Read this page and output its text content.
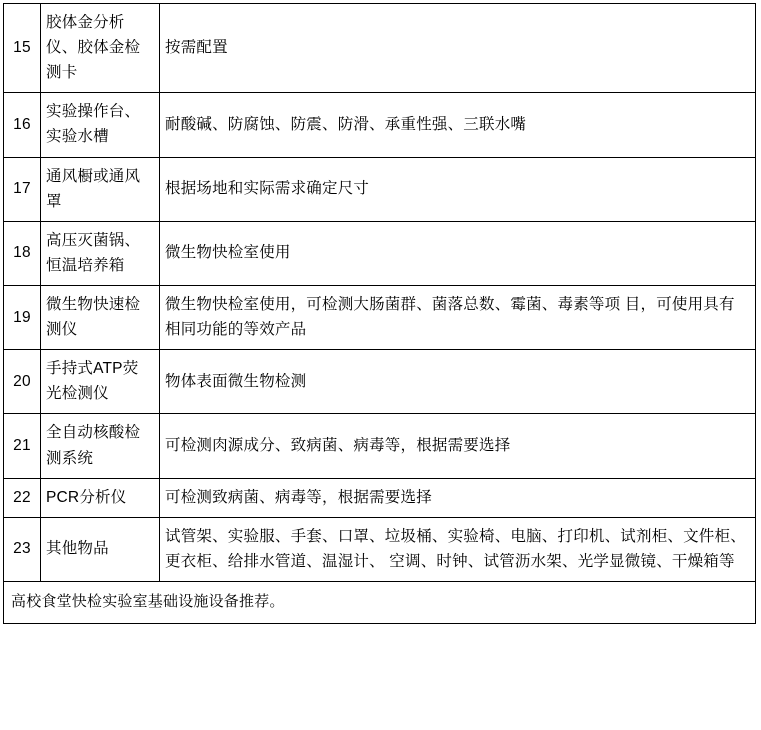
15	胶体金分析仪、胶体金检测卡	按需配置
16	实验操作台、实验水槽	耐酸碱、防腐蚀、防震、防滑、承重性强、三联水嘴
17	通风橱或通风罩	根据场地和实际需求确定尺寸
18	高压灭菌锅、恒温培养箱	微生物快检室使用
19	微生物快速检测仪	微生物快检室使用，可检测大肠菌群、菌落总数、霉菌、毒素等项 目，可使用具有相同功能的等效产品
20	手持式ATP荧光检测仪	物体表面微生物检测
21	全自动核酸检测系统	可检测肉源成分、致病菌、病毒等，根据需要选择
22	PCR分析仪	可检测致病菌、病毒等，根据需要选择
23	其他物品	试管架、实验服、手套、口罩、垃圾桶、实验椅、电脑、打印机、试剂柜、文件柜、更衣柜、给排水管道、温湿计、 空调、时钟、试管沥水架、光学显微镜、干燥箱等
高校食堂快检实验室基础设施设备推荐。		
